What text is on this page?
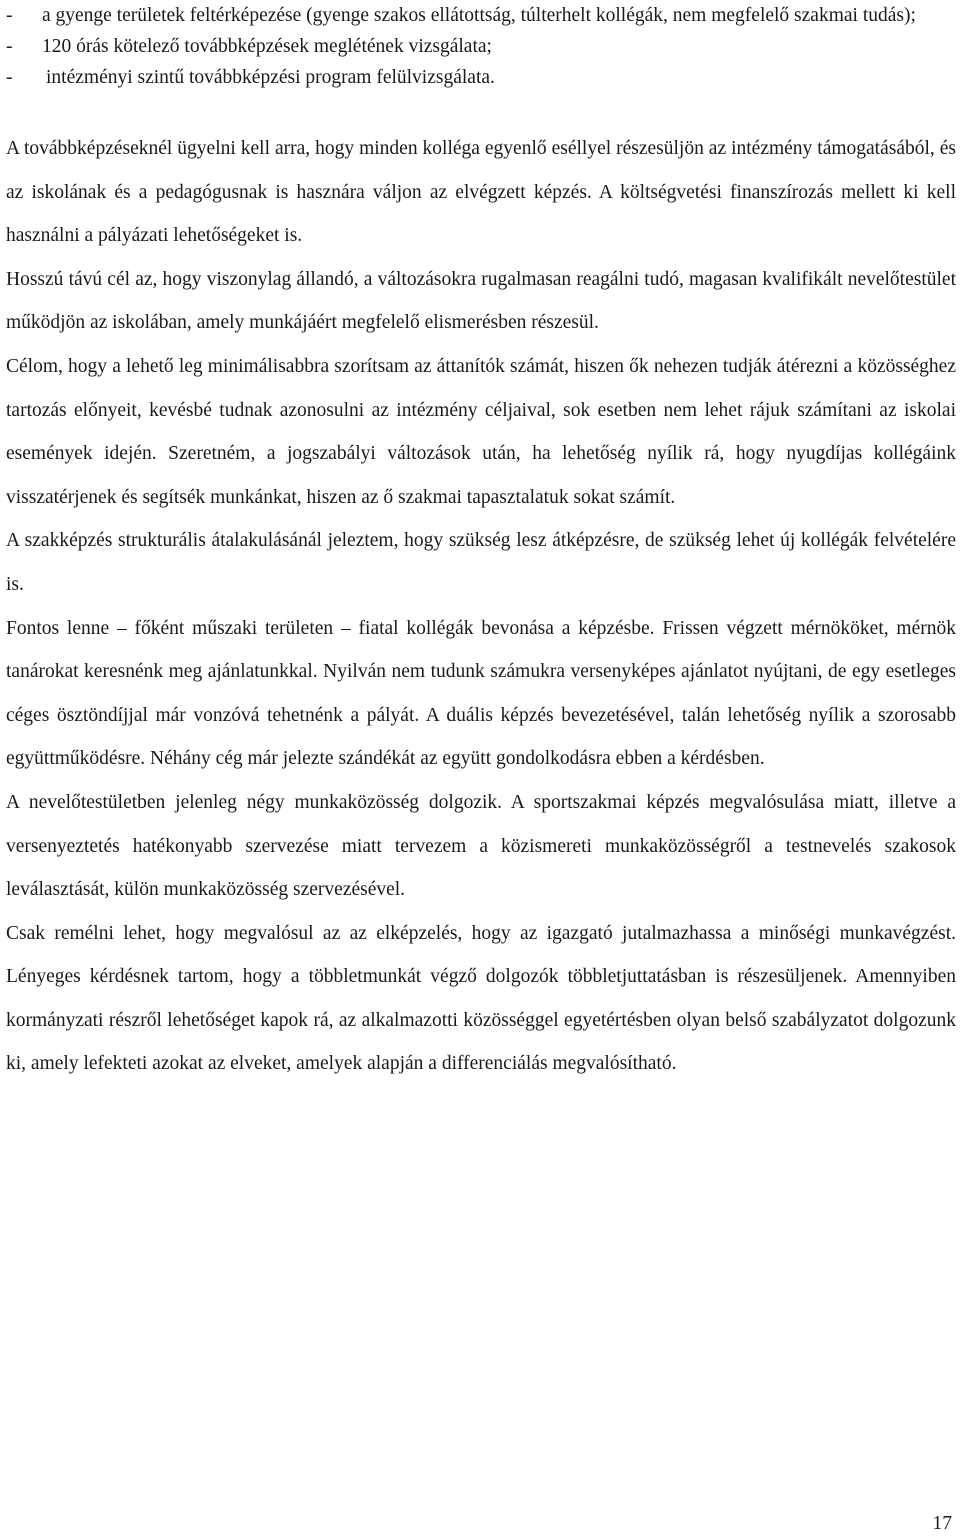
- a gyenge területek feltérképezése (gyenge szakos ellátottság, túlterhelt kollégák, nem megfelelő szakmai tudás);
- 120 órás kötelező továbbképzések meglétének vizsgálata;
- intézményi szintű továbbképzési program felülvizsgálata.

A továbbképzéseknél ügyelni kell arra, hogy minden kolléga egyenlő eséllyel részesüljön az intézmény támogatásából, és az iskolának és a pedagógusnak is hasznára váljon az elvégzett képzés. A költségvetési finanszírozás mellett ki kell használni a pályázati lehetőségeket is.

Hosszú távú cél az, hogy viszonylag állandó, a változásokra rugalmasan reagálni tudó, magasan kvalifikált nevelőtestület működjön az iskolában, amely munkájáért megfelelő elismerésben részesül.

Célom, hogy a lehető leg minimálisabbra szorítsam az áttanítók számát, hiszen ők nehezen tudják átérezni a közösséghez tartozás előnyeit, kevésbé tudnak azonosulni az intézmény céljaival, sok esetben nem lehet rájuk számítani az iskolai események idején. Szeretném, a jogszabályi változások után, ha lehetőség nyílik rá, hogy nyugdíjas kollégáink visszatérjenek és segítsék munkánkat, hiszen az ő szakmai tapasztalatuk sokat számít.

A szakképzés strukturális átalakulásánál jeleztem, hogy szükség lesz átképzésre, de szükség lehet új kollégák felvételére is.

Fontos lenne – főként műszaki területen – fiatal kollégák bevonása a képzésbe. Frissen végzett mérnököket, mérnök tanárokat keresnénk meg ajánlatunkkal. Nyilván nem tudunk számukra versenyképes ajánlatot nyújtani, de egy esetleges céges ösztöndíjjal már vonzóvá tehetnénk a pályát. A duális képzés bevezetésével, talán lehetőség nyílik a szorosabb együttműködésre. Néhány cég már jelezte szándékát az együtt gondolkodásra ebben a kérdésben.

A nevelőtestületben jelenleg négy munkaközösség dolgozik. A sportszakmai képzés megvalósulása miatt, illetve a versenyeztetés hatékonyabb szervezése miatt tervezem a közismereti munkaközösségről a testnevelés szakosok leválasztását, külön munkaközösség szervezésével.

Csak remélni lehet, hogy megvalósul az az elképzelés, hogy az igazgató jutalmazhassa a minőségi munkavégzést. Lényeges kérdésnek tartom, hogy a többletmunkát végző dolgozók többletjuttatásban is részesüljenek. Amennyiben kormányzati részről lehetőséget kapok rá, az alkalmazotti közösséggel egyetértésben olyan belső szabályzatot dolgozunk ki, amely lefekteti azokat az elveket, amelyek alapján a differenciálás megvalósítható.

17
